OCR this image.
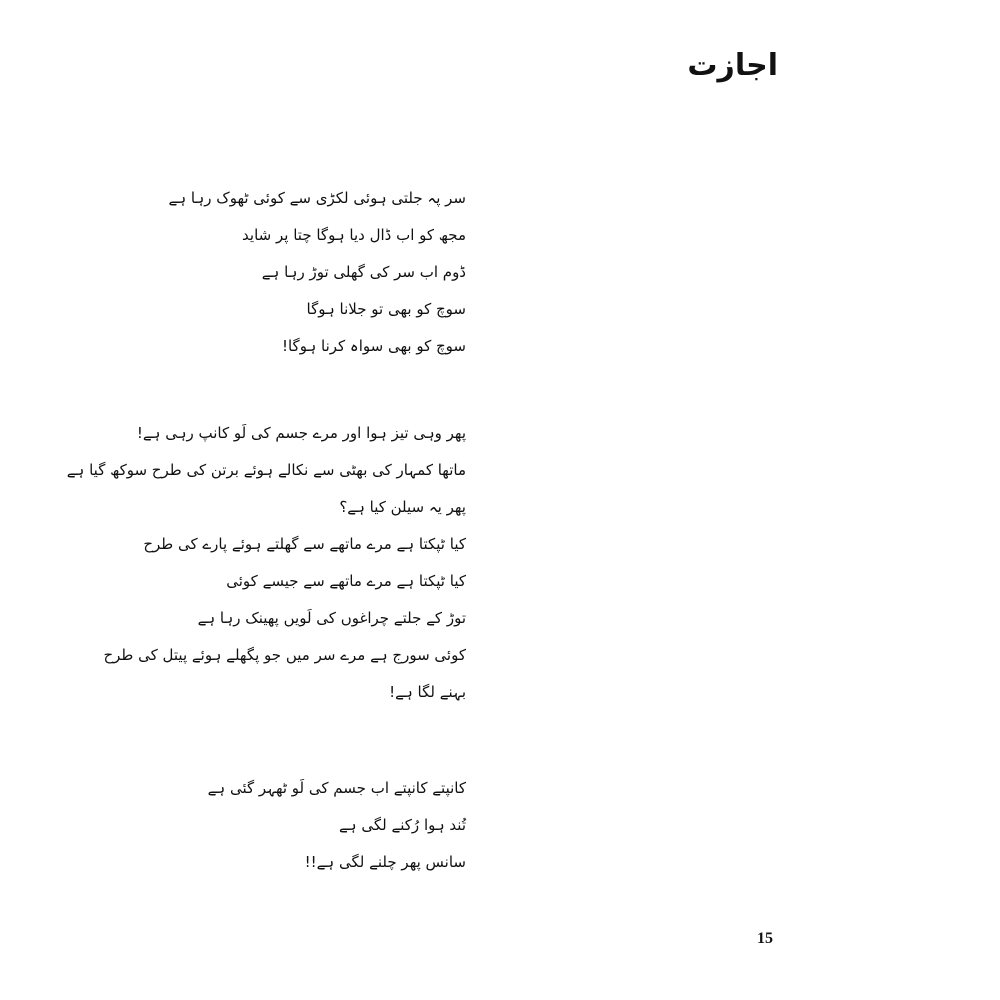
اجازت
سر پہ جلتی ہوئی لکڑی سے کوئی ٹھوک رہا ہے
مجھ کو اب ڈال دیا ہوگا چتا پر شاید
ڈوم اب سر کی گھلی توڑ رہا ہے
سوچ کو بھی تو جلانا ہوگا
سوچ کو بھی سواہ کرنا ہوگا!
پھر وہی تیز ہوا اور مرے جسم کی لَو کانپ رہی ہے!
ماتھا کمہار کی بھٹی سے نکالے ہوئے برتن کی طرح سوکھ گیا ہے
پھر یہ سیلن کیا ہے؟
کیا ٹپکتا ہے مرے ماتھے سے گھلتے ہوئے پارے کی طرح
کیا ٹپکتا ہے مرے ماتھے سے جیسے کوئی
توڑ کے جلتے چراغوں کی لَویں پھینک رہا ہے
کوئی سورج ہے مرے سر میں جو پگھلے ہوئے پیتل کی طرح
بہنے لگا ہے!
کانپتے کانپتے اب جسم کی لَو ٹھہر گئی ہے
تُند ہوا رُکنے لگی ہے
سانس پھر چلنے لگی ہے!!
15
